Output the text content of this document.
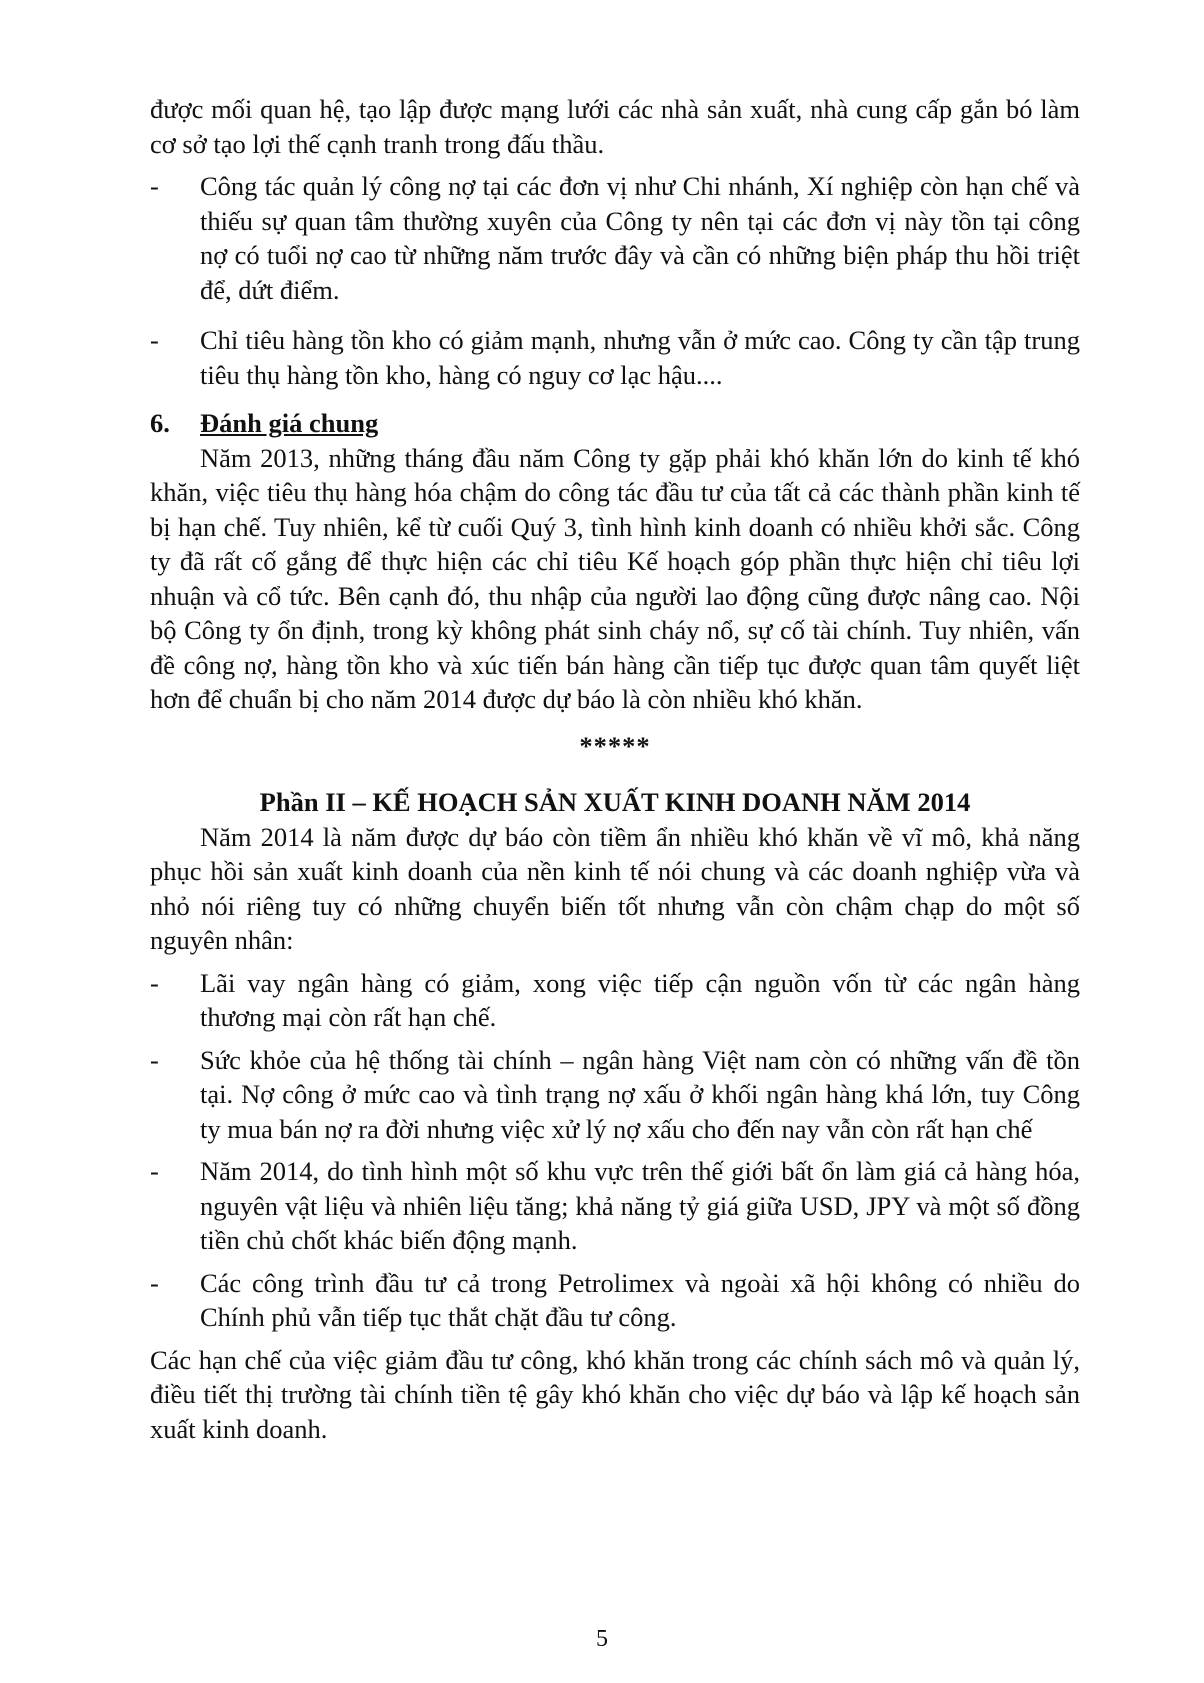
được mối quan hệ, tạo lập được mạng lưới các nhà sản xuất, nhà cung cấp gắn bó làm cơ sở tạo lợi thế cạnh tranh trong đấu thầu.

- Công tác quản lý công nợ tại các đơn vị như Chi nhánh, Xí nghiệp còn hạn chế và thiếu sự quan tâm thường xuyên của Công ty nên tại các đơn vị này tồn tại công nợ có tuổi nợ cao từ những năm trước đây và cần có những biện pháp thu hồi triệt để, dứt điểm.

- Chỉ tiêu hàng tồn kho có giảm mạnh, nhưng vẫn ở mức cao. Công ty cần tập trung tiêu thụ hàng tồn kho, hàng có nguy cơ lạc hậu....

6. Đánh giá chung

Năm 2013, những tháng đầu năm Công ty gặp phải khó khăn lớn do kinh tế khó khăn, việc tiêu thụ hàng hóa chậm do công tác đầu tư của tất cả các thành phần kinh tế bị hạn chế. Tuy nhiên, kể từ cuối Quý 3, tình hình kinh doanh có nhiều khởi sắc. Công ty đã rất cố gắng để thực hiện các chỉ tiêu Kế hoạch góp phần thực hiện chỉ tiêu lợi nhuận và cổ tức. Bên cạnh đó, thu nhập của người lao động cũng được nâng cao. Nội bộ Công ty ổn định, trong kỳ không phát sinh cháy nổ, sự cố tài chính. Tuy nhiên, vấn đề công nợ, hàng tồn kho và xúc tiến bán hàng cần tiếp tục được quan tâm quyết liệt hơn để chuẩn bị cho năm 2014 được dự báo là còn nhiều khó khăn.

*****

Phần II – KẾ HOẠCH SẢN XUẤT KINH DOANH NĂM 2014

Năm 2014 là năm được dự báo còn tiềm ẩn nhiều khó khăn về vĩ mô, khả năng phục hồi sản xuất kinh doanh của nền kinh tế nói chung và các doanh nghiệp vừa và nhỏ nói riêng tuy có những chuyển biến tốt nhưng vẫn còn chậm chạp do một số nguyên nhân:

- Lãi vay ngân hàng có giảm, xong việc tiếp cận nguồn vốn từ các ngân hàng thương mại còn rất hạn chế.

- Sức khỏe của hệ thống tài chính – ngân hàng Việt nam còn có những vấn đề tồn tại. Nợ công ở mức cao và tình trạng nợ xấu ở khối ngân hàng khá lớn, tuy Công ty mua bán nợ ra đời nhưng việc xử lý nợ xấu cho đến nay vẫn còn rất hạn chế

- Năm 2014, do tình hình một số khu vực trên thế giới bất ổn làm giá cả hàng hóa, nguyên vật liệu và nhiên liệu tăng; khả năng tỷ giá giữa USD, JPY và một số đồng tiền chủ chốt khác biến động mạnh.

- Các công trình đầu tư cả trong Petrolimex và ngoài xã hội không có nhiều do Chính phủ vẫn tiếp tục thắt chặt đầu tư công.

Các hạn chế của việc giảm đầu tư công, khó khăn trong các chính sách mô và quản lý, điều tiết thị trường tài chính tiền tệ gây khó khăn cho việc dự báo và lập kế hoạch sản xuất kinh doanh.

5
